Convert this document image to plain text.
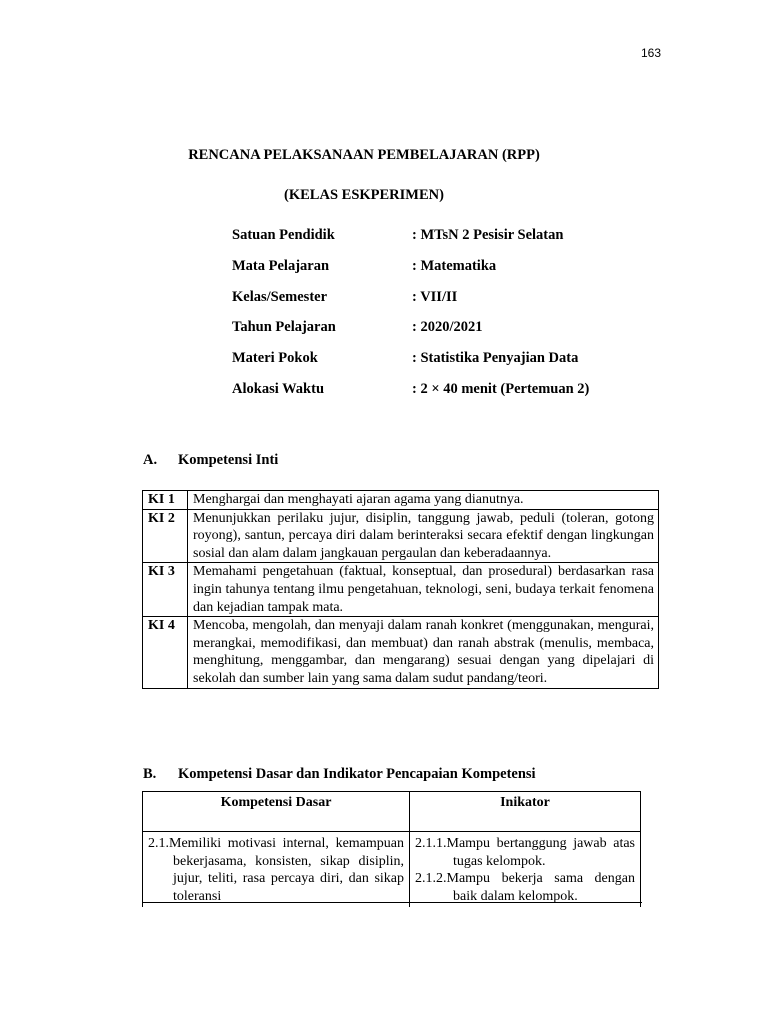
163
RENCANA PELAKSANAAN PEMBELAJARAN (RPP)
(KELAS ESKPERIMEN)
Satuan Pendidik	: MTsN 2 Pesisir Selatan
Mata Pelajaran	: Matematika
Kelas/Semester	: VII/II
Tahun Pelajaran	: 2020/2021
Materi Pokok	: Statistika Penyajian Data
Alokasi Waktu	: 2 × 40 menit (Pertemuan 2)
A. Kompetensi Inti
KI 1	Menghargai dan menghayati ajaran agama yang dianutnya.
KI 2	Menunjukkan perilaku jujur, disiplin, tanggung jawab, peduli (toleran, gotong royong), santun, percaya diri dalam berinteraksi secara efektif dengan lingkungan sosial dan alam dalam jangkauan pergaulan dan keberadaannya.
KI 3	Memahami pengetahuan (faktual, konseptual, dan prosedural) berdasarkan rasa ingin tahunya tentang ilmu pengetahuan, teknologi, seni, budaya terkait fenomena dan kejadian tampak mata.
KI 4	Mencoba, mengolah, dan menyaji dalam ranah konkret (menggunakan, mengurai, merangkai, memodifikasi, dan membuat) dan ranah abstrak (menulis, membaca, menghitung, menggambar, dan mengarang) sesuai dengan yang dipelajari di sekolah dan sumber lain yang sama dalam sudut pandang/teori.
B. Kompetensi Dasar dan Indikator Pencapaian Kompetensi
Kompetensi Dasar	Inikator

2.1.Memiliki motivasi internal, kemampuan bekerjasama, konsisten, sikap disiplin, jujur, teliti, rasa percaya diri, dan sikap toleransi	2.1.1.Mampu bertanggung jawab atas tugas kelompok.
2.1.2.Mampu bekerja sama dengan baik dalam kelompok.
